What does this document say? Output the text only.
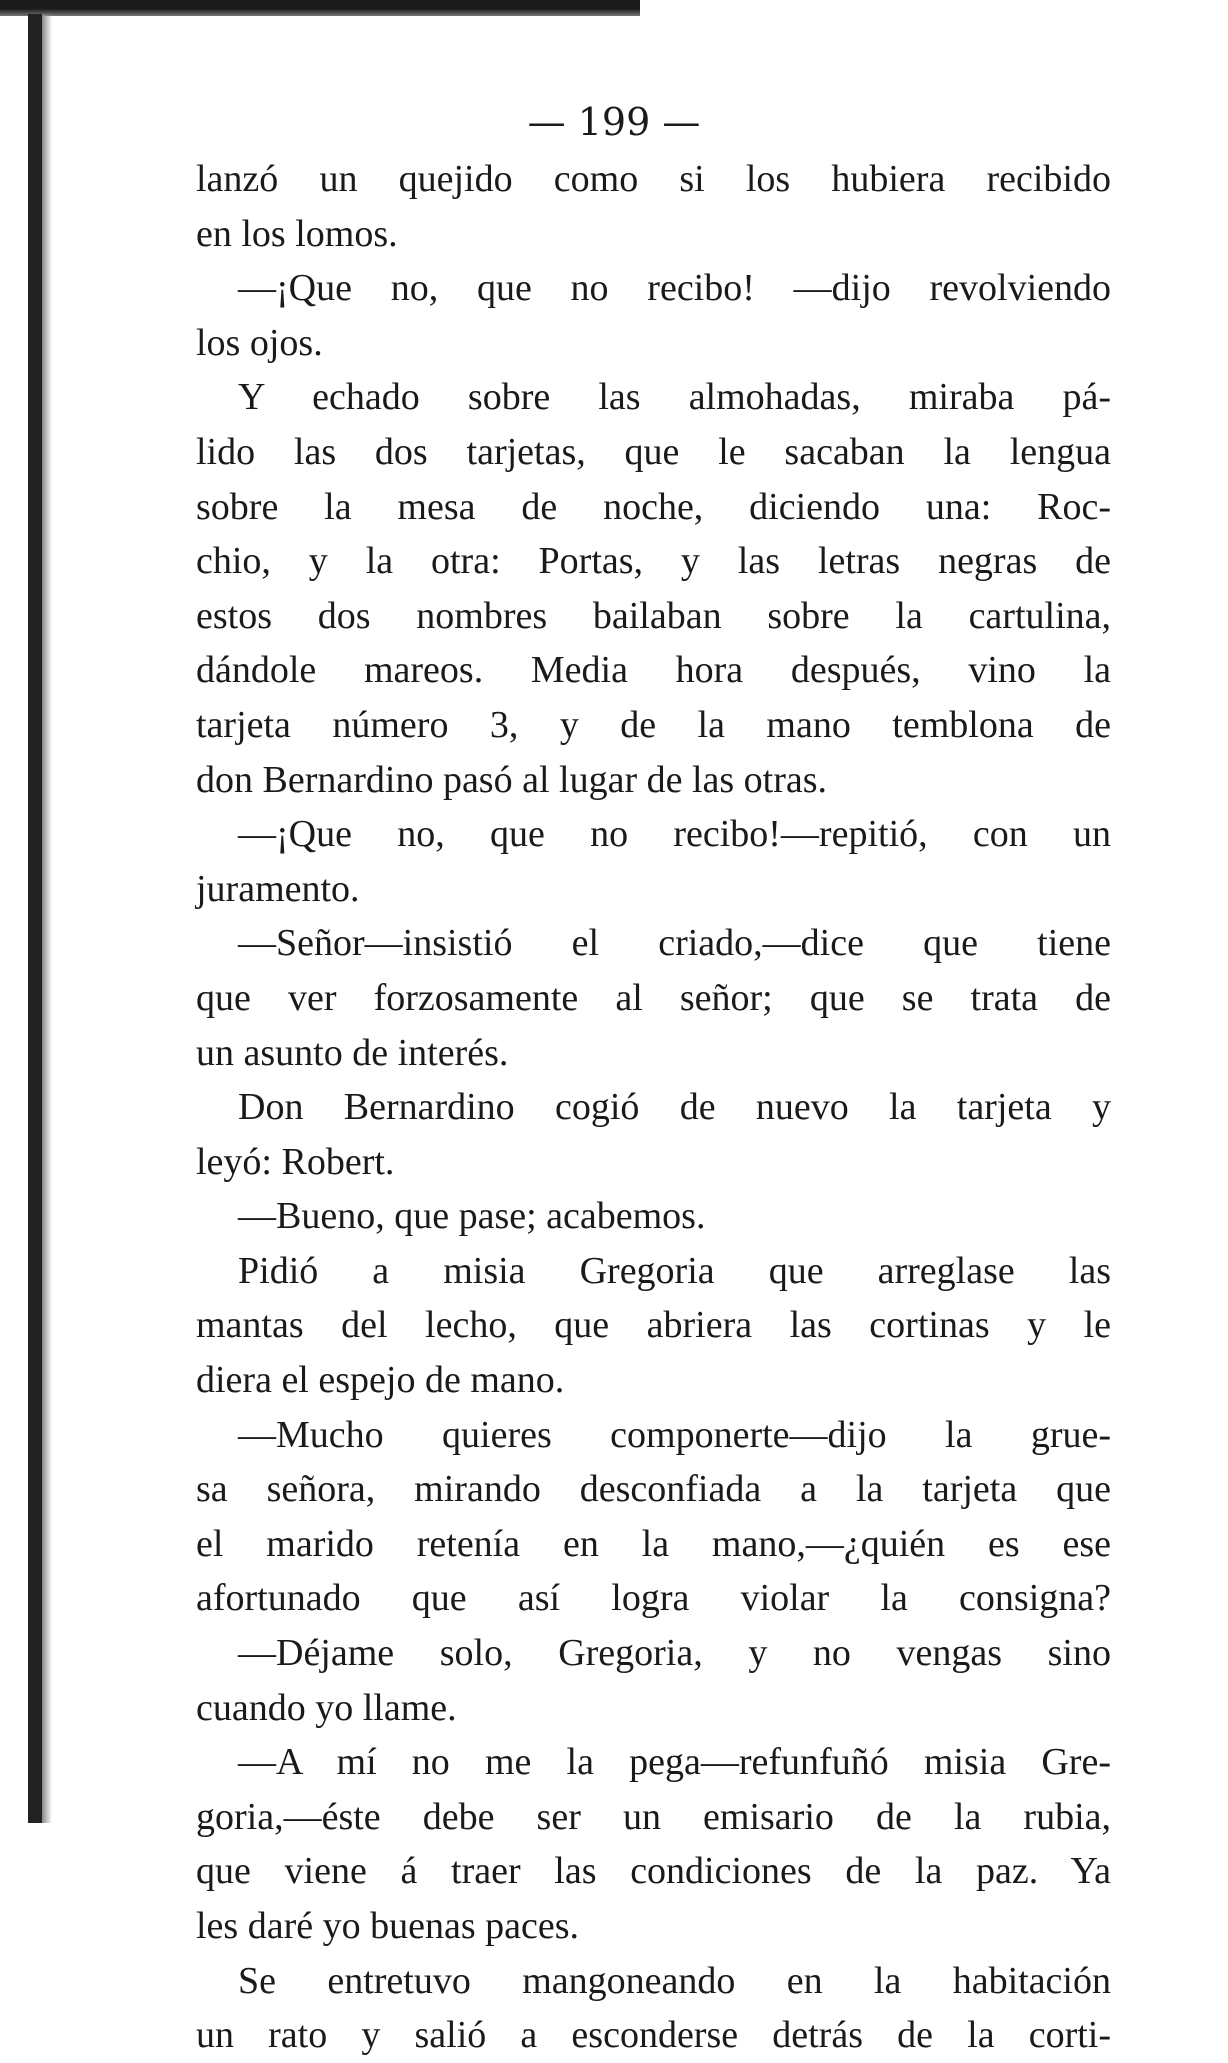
— 199 —
lanzó un quejido como si los hubiera recibido
en los lomos.
—¡Que no, que no recibo! —dijo revolviendo
los ojos.
Y echado sobre las almohadas, miraba pá-
lido las dos tarjetas, que le sacaban la lengua
sobre la mesa de noche, diciendo una: Roc-
chio, y la otra: Portas, y las letras negras de
estos dos nombres bailaban sobre la cartulina,
dándole mareos. Media hora después, vino la
tarjeta número 3, y de la mano temblona de
don Bernardino pasó al lugar de las otras.
—¡Que no, que no recibo!—repitió, con un
juramento.
—Señor—insistió el criado,—dice que tiene
que ver forzosamente al señor; que se trata de
un asunto de interés.
Don Bernardino cogió de nuevo la tarjeta y
leyó: Robert.
—Bueno, que pase; acabemos.
Pidió a misia Gregoria que arreglase las
mantas del lecho, que abriera las cortinas y le
diera el espejo de mano.
—Mucho quieres componerte—dijo la grue-
sa señora, mirando desconfiada a la tarjeta que
el marido retenía en la mano,—¿quién es ese
afortunado que así logra violar la consigna?
—Déjame solo, Gregoria, y no vengas sino
cuando yo llame.
—A mí no me la pega—refunfuñó misia Gre-
goria,—éste debe ser un emisario de la rubia,
que viene á traer las condiciones de la paz. Ya
les daré yo buenas paces.
Se entretuvo mangoneando en la habitación
un rato y salió a esconderse detrás de la corti-
